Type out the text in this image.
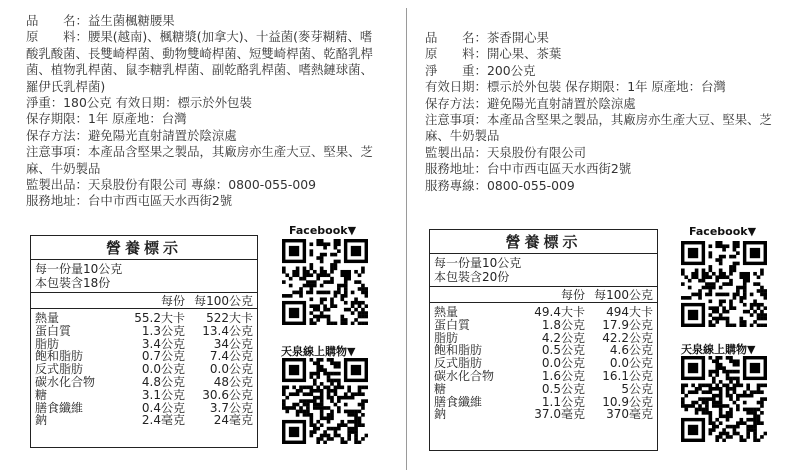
品　　名：益生菌楓糖腰果
原　　料：腰果(越南)、楓糖漿(加拿大)、十益菌(麥芽糊精、嗜酸乳酸菌、長雙崎桿菌、動物雙崎桿菌、短雙崎桿菌、乾酪乳桿菌、植物乳桿菌、鼠李糖乳桿菌、副乾酪乳桿菌、嗜熱鏈球菌、羅伊氏乳桿菌)
淨重：180公克 有效日期：標示於外包裝
保存期限：1年 原產地：台灣
保存方法：避免陽光直射請置於陰涼處
注意事項：本產品含堅果之製品，其廠房亦生產大豆、堅果、芝麻、牛奶製品
監製出品：天泉股份有限公司 專線：0800-055-009
服務地址：台中市西屯區天水西街2號
營養標示
每一份量10公克
本包裝含18份
每份 每100公克
熱量	55.2大卡	522大卡
蛋白質	1.3公克	13.4公克
脂肪	3.4公克	34公克
飽和脂肪	0.7公克	7.4公克
反式脂肪	0.0公克	0.0公克
碳水化合物	4.8公克	48公克
糖	3.1公克	30.6公克
膳食纖維	0.4公克	3.7公克
鈉	2.4毫克	24毫克
Facebook▼
天泉線上購物▼
品　　名：茶香開心果
原　　料：開心果、茶葉
淨　　重：200公克
有效日期：標示於外包裝 保存期限：1年 原產地：台灣
保存方法：避免陽光直射請置於陰涼處
注意事項：本產品含堅果之製品，其廠房亦生產大豆、堅果、芝麻、牛奶製品
監製出品：天泉股份有限公司
服務地址：台中市西屯區天水西街2號
服務專線：0800-055-009
營養標示
每一份量10公克
本包裝含20份
每份 每100公克
熱量	49.4大卡	494大卡
蛋白質	1.8公克	17.9公克
脂肪	4.2公克	42.2公克
飽和脂肪	0.5公克	4.6公克
反式脂肪	0.0公克	0.0公克
碳水化合物	1.6公克	16.1公克
糖	0.5公克	5公克
膳食纖維	1.1公克	10.9公克
鈉	37.0毫克	370毫克
Facebook▼
天泉線上購物▼
